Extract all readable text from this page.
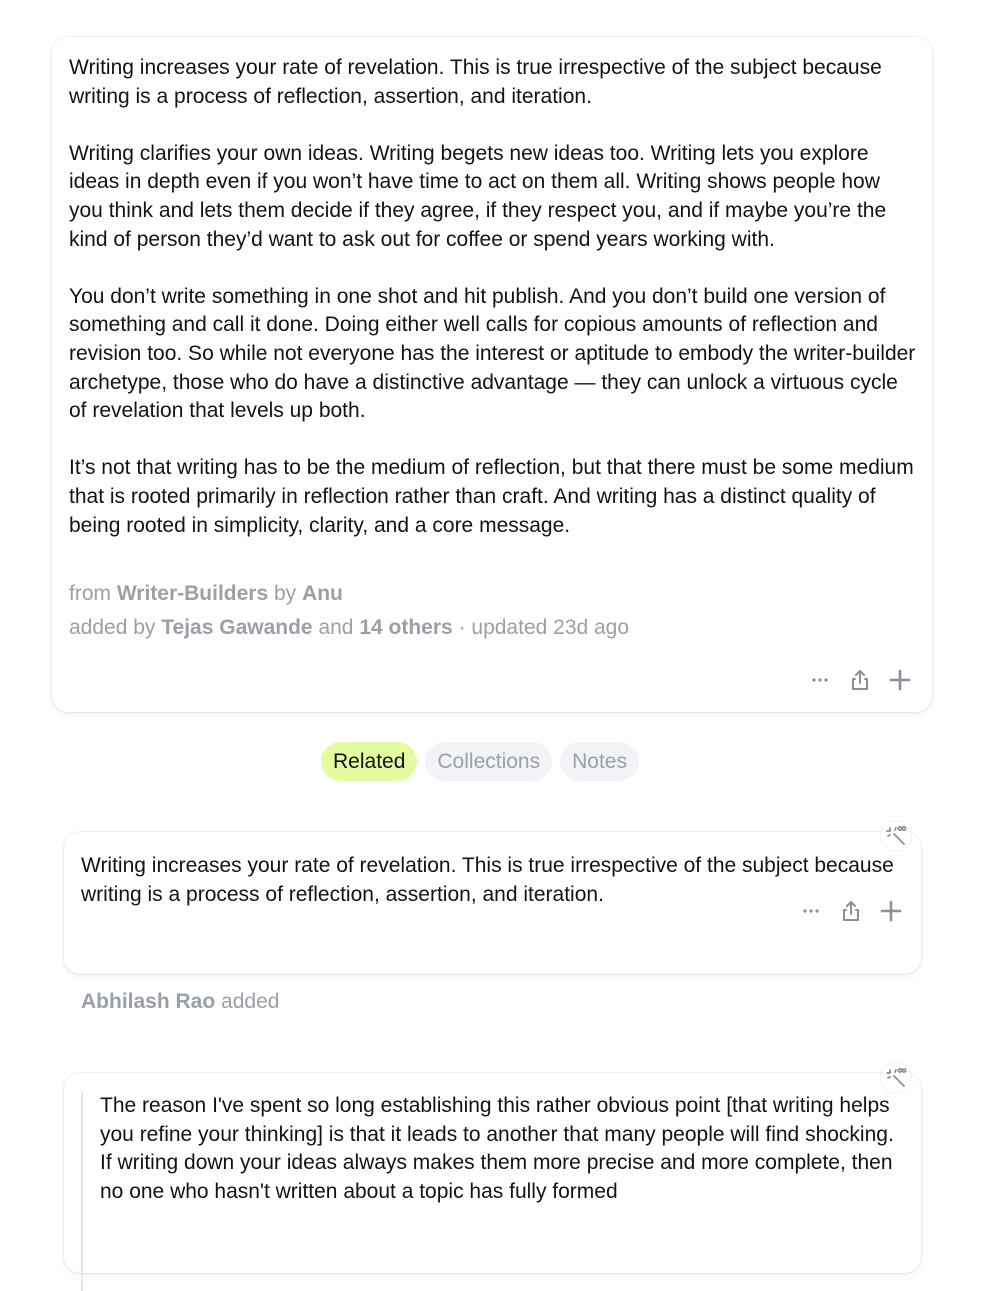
Writing increases your rate of revelation. This is true irrespective of the subject because writing is a process of reflection, assertion, and iteration.

Writing clarifies your own ideas. Writing begets new ideas too. Writing lets you explore ideas in depth even if you won’t have time to act on them all. Writing shows people how you think and lets them decide if they agree, if they respect you, and if maybe you’re the kind of person they’d want to ask out for coffee or spend years working with.

You don’t write something in one shot and hit publish. And you don’t build one version of something and call it done. Doing either well calls for copious amounts of reflection and revision too. So while not everyone has the interest or aptitude to embody the writer-builder archetype, those who do have a distinctive advantage — they can unlock a virtuous cycle of revelation that levels up both.

It’s not that writing has to be the medium of reflection, but that there must be some medium that is rooted primarily in reflection rather than craft. And writing has a distinct quality of being rooted in simplicity, clarity, and a core message.

from Writer-Builders by Anu
added by Tejas Gawande and 14 others · updated 23d ago
Related	Collections	Notes
Writing increases your rate of revelation. This is true irrespective of the subject because writing is a process of reflection, assertion, and iteration.
Abhilash Rao added
The reason I've spent so long establishing this rather obvious point [that writing helps you refine your thinking] is that it leads to another that many people will find shocking. If writing down your ideas always makes them more precise and more complete, then no one who hasn't written about a topic has fully formed
